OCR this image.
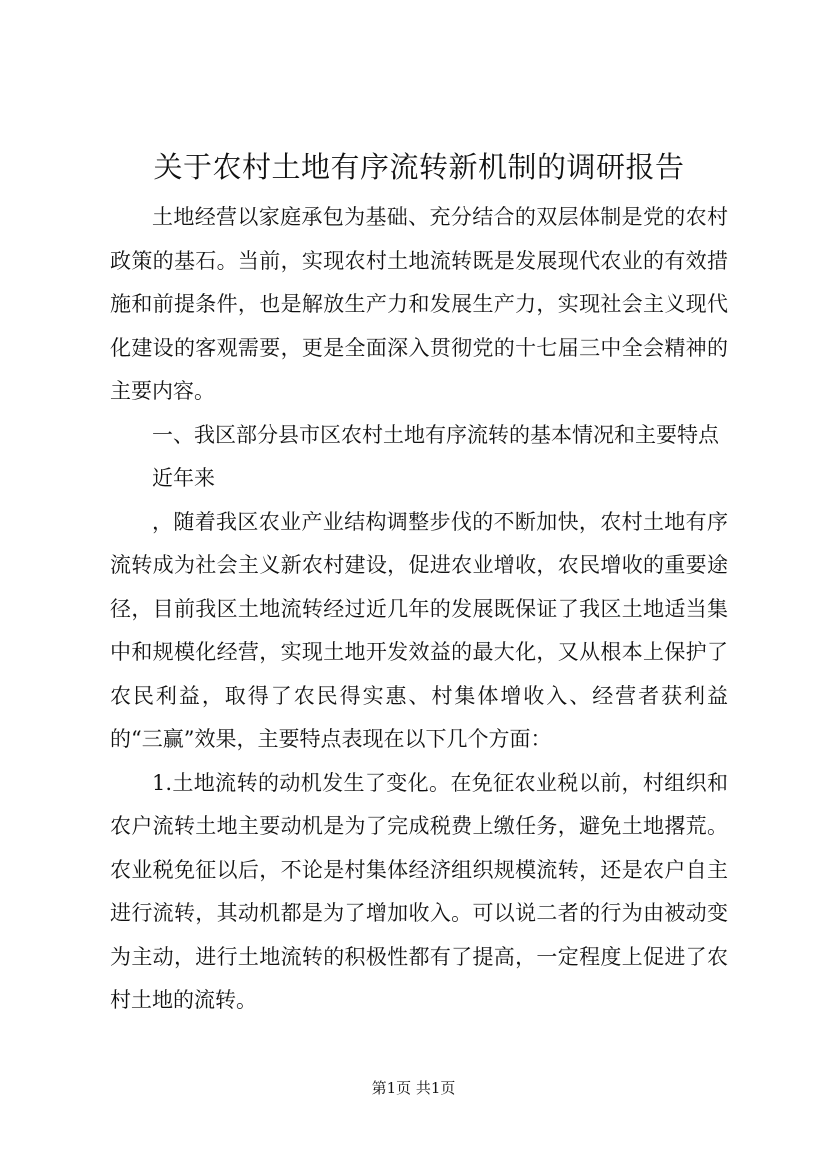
关于农村土地有序流转新机制的调研报告

土地经营以家庭承包为基础、充分结合的双层体制是党的农村政策的基石。当前，实现农村土地流转既是发展现代农业的有效措施和前提条件，也是解放生产力和发展生产力，实现社会主义现代化建设的客观需要，更是全面深入贯彻党的十七届三中全会精神的主要内容。

一、我区部分县市区农村土地有序流转的基本情况和主要特点

近年来

，随着我区农业产业结构调整步伐的不断加快，农村土地有序流转成为社会主义新农村建设，促进农业增收，农民增收的重要途径，目前我区土地流转经过近几年的发展既保证了我区土地适当集中和规模化经营，实现土地开发效益的最大化，又从根本上保护了农民利益，取得了农民得实惠、村集体增收入、经营者获利益的“三赢”效果，主要特点表现在以下几个方面：

1.土地流转的动机发生了变化。在免征农业税以前，村组织和农户流转土地主要动机是为了完成税费上缴任务，避免土地撂荒。农业税免征以后，不论是村集体经济组织规模流转，还是农户自主进行流转，其动机都是为了增加收入。可以说二者的行为由被动变为主动，进行土地流转的积极性都有了提高，一定程度上促进了农村土地的流转。

第1页 共1页
